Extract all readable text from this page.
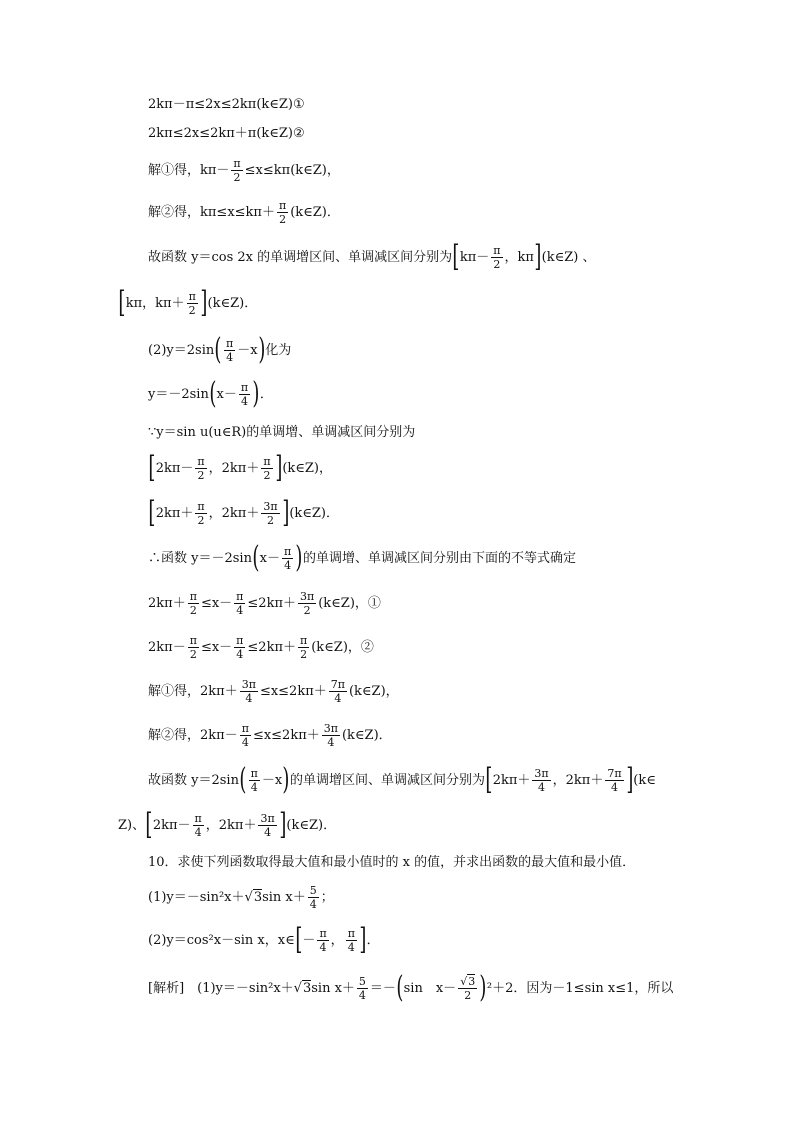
2kπ－π≤2x≤2kπ(k∈Z)①
2kπ≤2x≤2kπ＋π(k∈Z)②
解①得，$k\pi- \frac{\pi}{2}$ ≤x≤kπ(k∈Z)，
解②得，$k\pi\le x\le k\pi+ \frac{\pi}{2}$ (k∈Z)．
故函数 y＝cos 2x 的单调增区间、单调减区间分别为 [ $k\pi- \frac{\pi}{2}$ ，kπ ] (k∈Z) 、
[ kπ，$k\pi+ \frac{\pi}{2}$ ] (k∈Z)．
(2)y＝2sin ( $\frac{\pi}{4} -x$ ) 化为
y＝－2sin ( $x- \frac{\pi}{4}$ ) ．
∵y＝sin u(u∈R)的单调增、单调减区间分别为
[ $2k\pi- \frac{\pi}{2}$ ，$2k\pi+ \frac{\pi}{2}$ ] (k∈Z)，
[ $2k\pi+ \frac{\pi}{2}$ ，$2k\pi+ \frac{3\pi}{2}$ ] (k∈Z)．
∴函数 y＝－2sin ( $x- \frac{\pi}{4}$ ) 的单调增、单调减区间分别由下面的不等式确定
$2k\pi+ \frac{\pi}{2} \le x- \frac{\pi}{4} \le 2k\pi+ \frac{3\pi}{2}$ (k∈Z)，①
$2k\pi- \frac{\pi}{2} \le x- \frac{\pi}{4} \le 2k\pi+ \frac{\pi}{2}$ (k∈Z)，②
解①得，$2k\pi+ \frac{3\pi}{4} \le x\le 2k\pi+ \frac{7\pi}{4}$ (k∈Z)，
解②得，$2k\pi- \frac{\pi}{4} \le x\le 2k\pi+ \frac{3\pi}{4}$ (k∈Z)．
故函数 y＝2sin ( $\frac{\pi}{4} -x$ ) 的单调增区间、单调减区间分别为 [ $2k\pi+ \frac{3\pi}{4}$ ，$2k\pi+ \frac{7\pi}{4}$ ] (k∈
Z)、 [ $2k\pi- \frac{\pi}{4}$ ，$2k\pi+ \frac{3\pi}{4}$ ] (k∈Z)．
10．求使下列函数取得最大值和最小值时的 x 的值，并求出函数的最大值和最小值．
(1)y＝－sin²x＋ √3 $\sin x+ \frac{5}{4}$ ；
(2)y＝cos²x－sin x，x∈ [ － $\frac{\pi}{4}$ ， $\frac{\pi}{4}$ ] ．
[解析]　(1)y＝－sin²x＋ √3 $\sin x+ \frac{5}{4}$ ＝－ ( sin　$x- \frac{√3}{2}$ ) ²＋2．因为－1≤sin x≤1，所以
